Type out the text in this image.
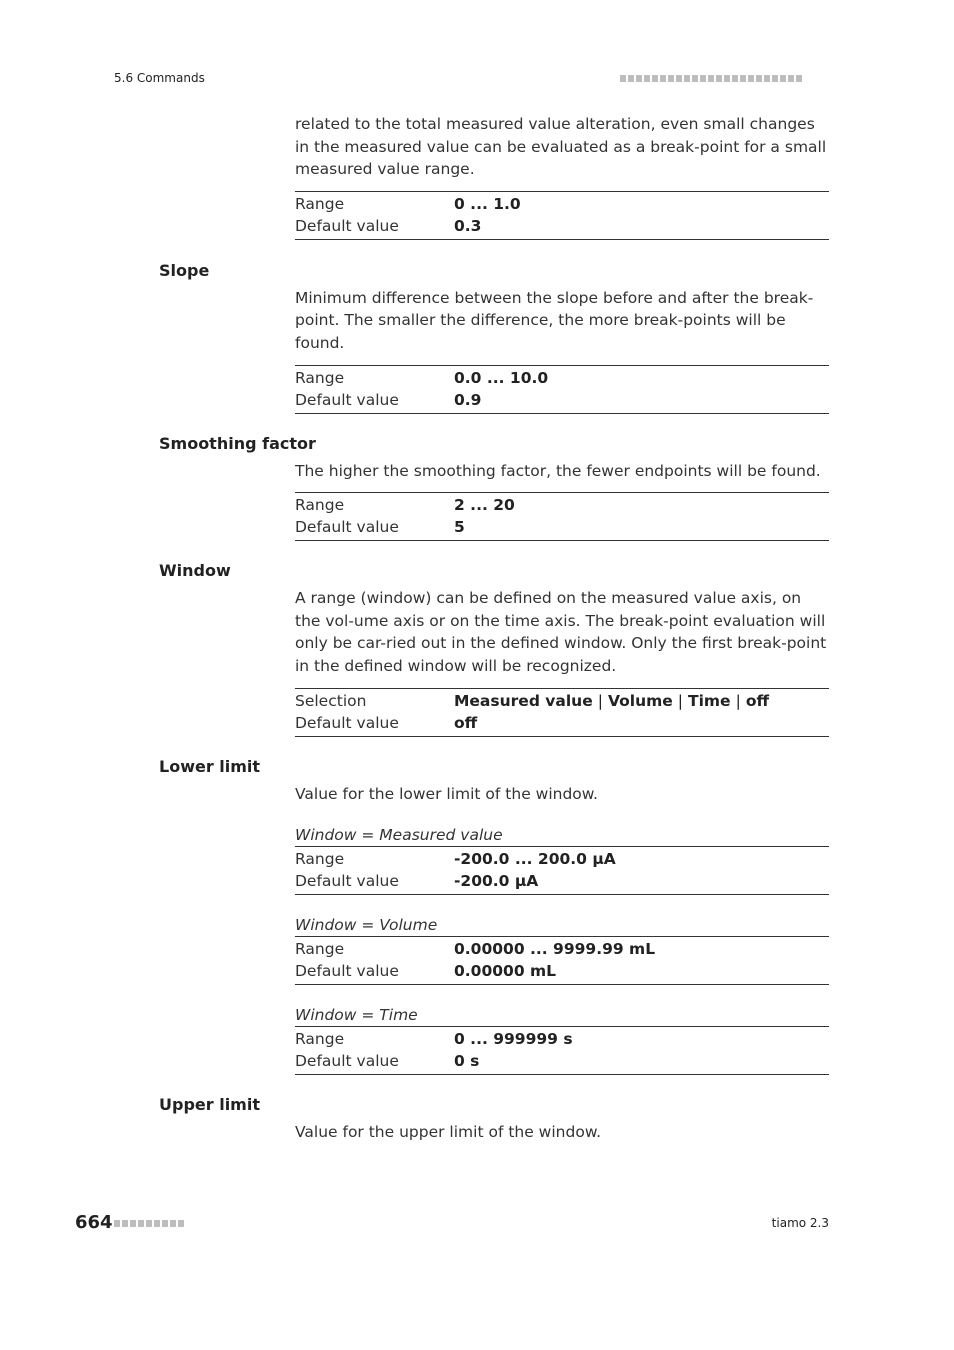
5.6 Commands
related to the total measured value alteration, even small changes in the measured value can be evaluated as a break-point for a small measured value range.
Range	0 ... 1.0
Default value	0.3
Slope
Minimum difference between the slope before and after the break-point. The smaller the difference, the more break-points will be found.
Range	0.0 ... 10.0
Default value	0.9
Smoothing factor
The higher the smoothing factor, the fewer endpoints will be found.
Range	2 ... 20
Default value	5
Window
A range (window) can be defined on the measured value axis, on the vol-ume axis or on the time axis. The break-point evaluation will only be car-ried out in the defined window. Only the first break-point in the defined window will be recognized.
Selection	Measured value | Volume | Time | off
Default value	off
Lower limit
Value for the lower limit of the window.
Window = Measured value
Range	-200.0 ... 200.0 µA
Default value	-200.0 µA
Window = Volume
Range	0.00000 ... 9999.99 mL
Default value	0.00000 mL
Window = Time
Range	0 ... 999999 s
Default value	0 s
Upper limit
Value for the upper limit of the window.
664	tiamo 2.3
